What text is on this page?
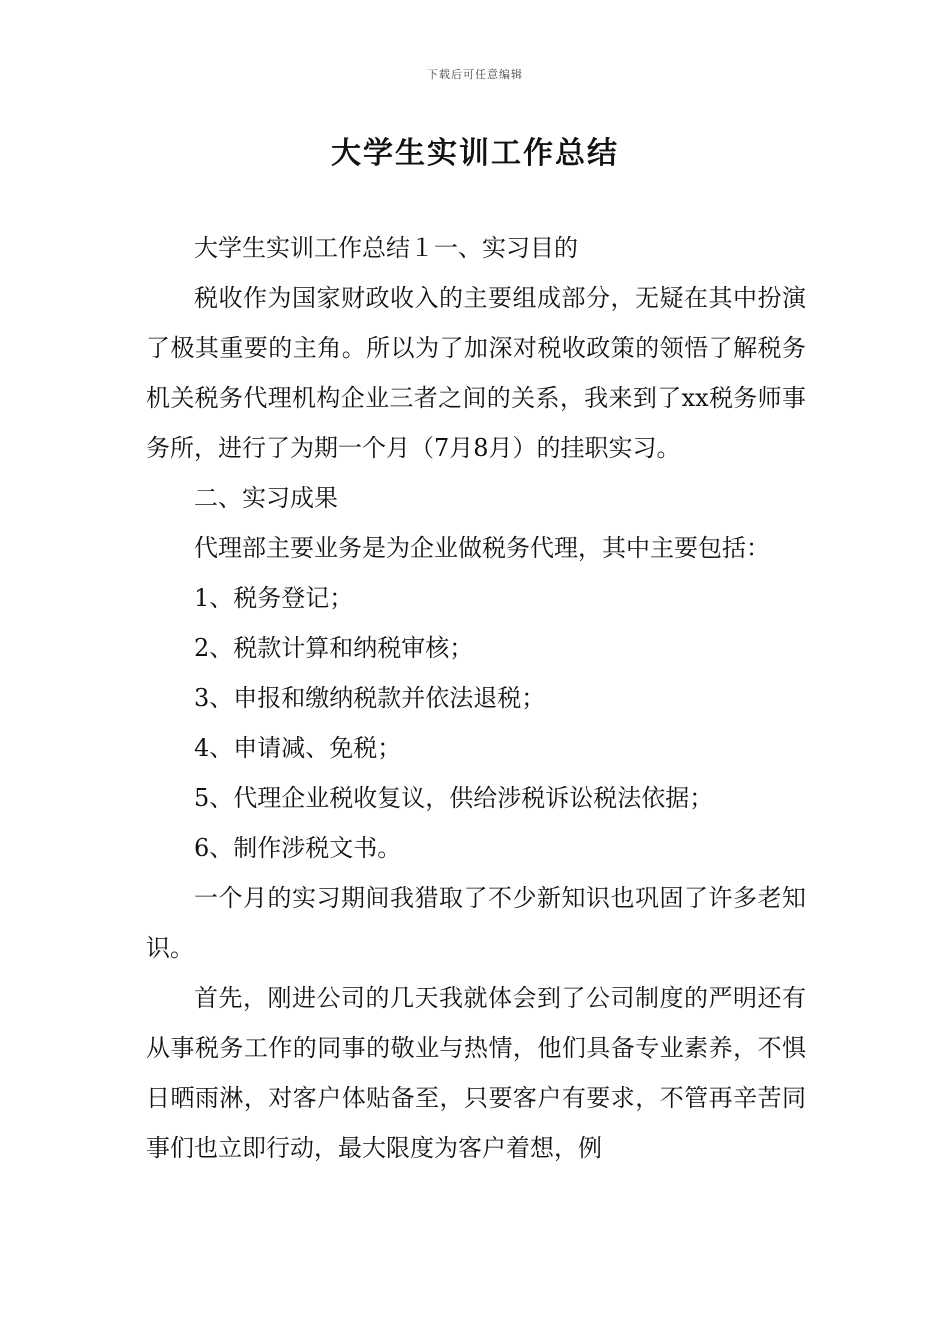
下载后可任意编辑
大学生实训工作总结

大学生实训工作总结１一、实习目的

税收作为国家财政收入的主要组成部分，无疑在其中扮演了极其重要的主角。所以为了加深对税收政策的领悟了解税务机关税务代理机构企业三者之间的关系，我来到了xx税务师事务所，进行了为期一个月（7月8月）的挂职实习。

二、实习成果

代理部主要业务是为企业做税务代理，其中主要包括：

1、税务登记；

2、税款计算和纳税审核；

3、申报和缴纳税款并依法退税；

4、申请减、免税；

5、代理企业税收复议，供给涉税诉讼税法依据；

6、制作涉税文书。

一个月的实习期间我猎取了不少新知识也巩固了许多老知识。

首先，刚进公司的几天我就体会到了公司制度的严明还有从事税务工作的同事的敬业与热情，他们具备专业素养，不惧日晒雨淋，对客户体贴备至，只要客户有要求，不管再辛苦同事们也立即行动，最大限度为客户着想，例
